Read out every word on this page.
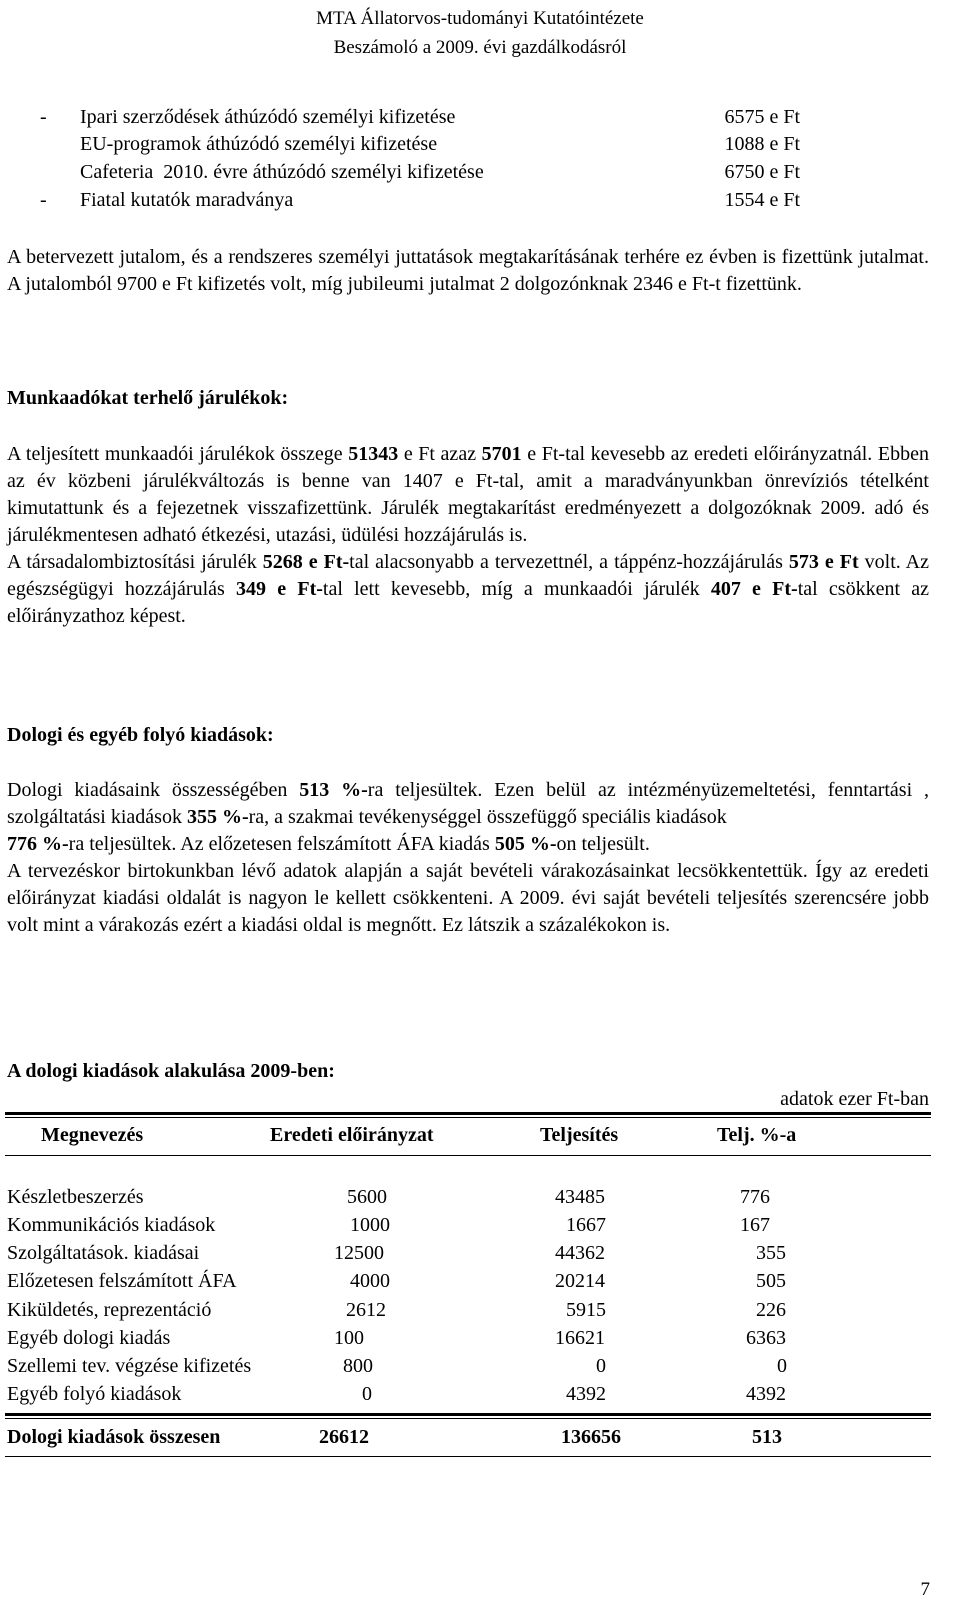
MTA Állatorvos-tudományi Kutatóintézete
Beszámoló a 2009. évi gazdálkodásról
- Ipari szerződések áthúzódó személyi kifizetése	6575 e Ft
EU-programok áthúzódó személyi kifizetése	1088 e Ft
Cafeteria  2010. évre áthúzódó személyi kifizetése	6750 e Ft
- Fiatal kutatók maradványa	1554 e Ft

A betervezett jutalom, és a rendszeres személyi juttatások megtakarításának terhére ez évben is fizettünk jutalmat. A jutalomból 9700 e Ft kifizetés volt, míg jubileumi jutalmat 2 dolgozónknak 2346 e Ft-t fizettünk.

Munkaadókat terhelő járulékok:

A teljesített munkaadói járulékok összege 51343 e Ft azaz 5701 e Ft-tal kevesebb az eredeti előirányzatnál. Ebben az év közbeni járulékváltozás is benne van 1407 e Ft-tal, amit a maradványunkban önrevíziós tételként kimutattunk és a fejezetnek visszafizettünk. Járulék megtakarítást eredményezett a dolgozóknak 2009. adó és járulékmentesen adható étkezési, utazási, üdülési hozzájárulás is.

A társadalombiztosítási járulék 5268 e Ft-tal alacsonyabb a tervezettnél, a táppénz-hozzájárulás 573 e Ft volt. Az egészségügyi hozzájárulás 349 e Ft-tal lett kevesebb, míg a munkaadói járulék 407 e Ft-tal csökkent az előirányzathoz képest.

Dologi és egyéb folyó kiadások:

Dologi kiadásaink összességében 513 %-ra teljesültek. Ezen belül az intézményüzemeltetési, fenntartási , szolgáltatási kiadások 355 %-ra, a szakmai tevékenységgel összefüggő speciális kiadások

776 %-ra teljesültek. Az előzetesen felszámított ÁFA kiadás 505 %-on teljesült.

A tervezéskor birtokunkban lévő adatok alapján a saját bevételi várakozásainkat lecsökkentettük. Így az eredeti előirányzat kiadási oldalát is nagyon le kellett csökkenteni. A 2009. évi saját bevételi teljesítés szerencsére jobb volt mint a várakozás ezért a kiadási oldal is megnőtt. Ez látszik a százalékokon is.

A dologi kiadások alakulása 2009-ben:
adatok ezer Ft-ban
Megnevezés	Eredeti előirányzat	Teljesítés	Telj. %-a
Készletbeszerzés	5600	43485	776
Kommunikációs kiadások	1000	1667	167
Szolgáltatások. kiadásai	12500	44362	355
Előzetesen felszámított ÁFA	4000	20214	505
Kiküldetés, reprezentáció	2612	5915	226
Egyéb dologi kiadás	100	16621	6363
Szellemi tev. végzése kifizetés	800	0	0
Egyéb folyó kiadások	0	4392	4392
Dologi kiadások összesen	26612	136656	513
7
